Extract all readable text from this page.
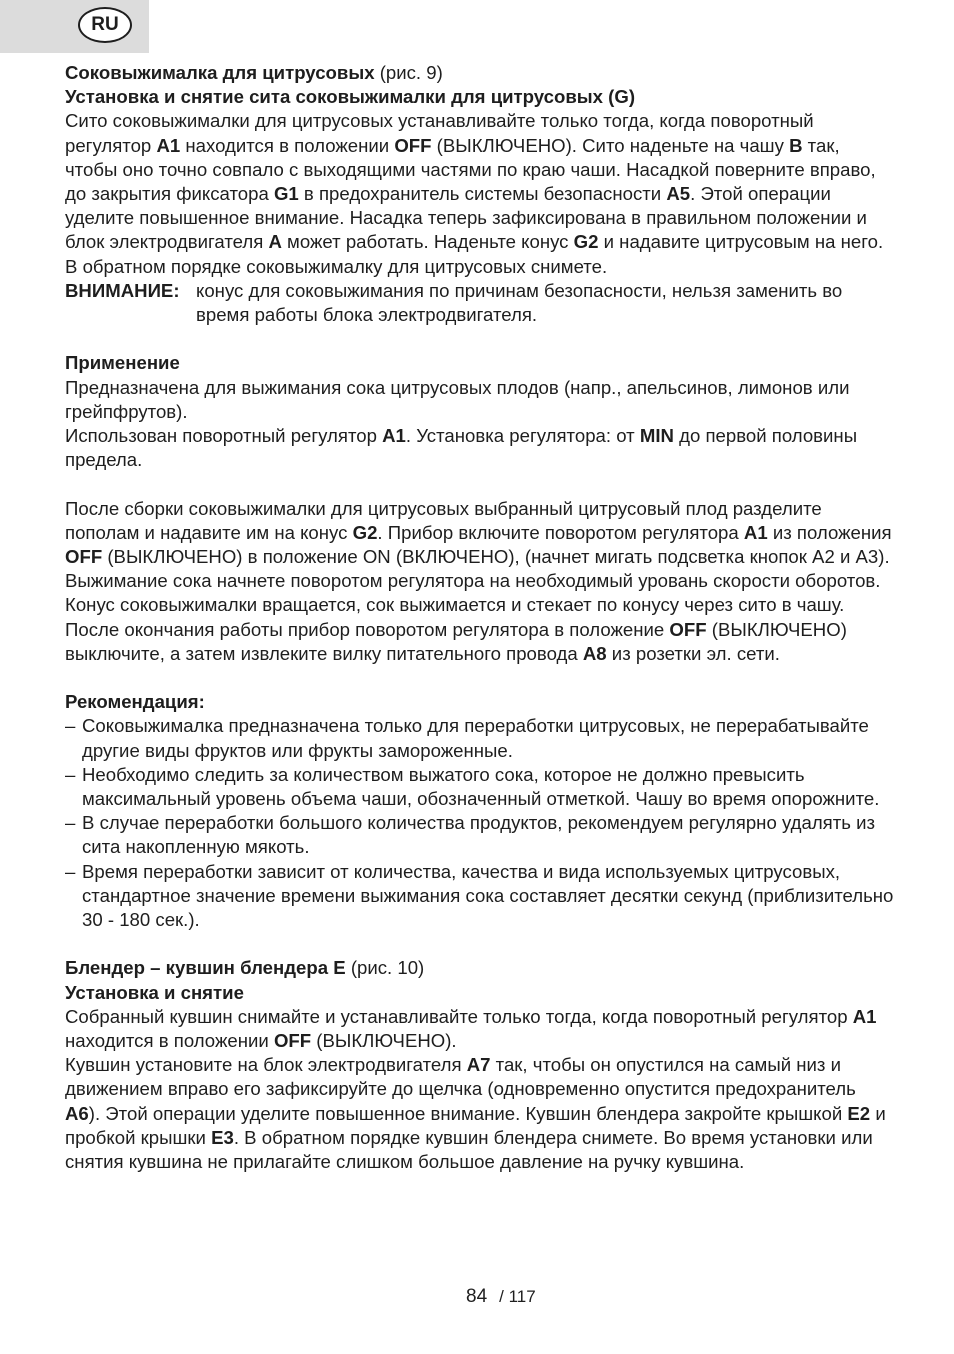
RU

Соковыжималка для цитрусовых (рис. 9)

Установка и снятие сита соковыжималки для цитрусовых (G)

Сито соковыжималки для цитрусовых устанавливайте только тогда, когда поворотный регулятор A1 находится в положении OFF (ВЫКЛЮЧЕНО). Сито наденьте на чашу B так, чтобы оно точно совпало с выходящими частями по краю чаши. Насадкой поверните вправо, до закрытия фиксатора G1 в предохранитель системы безопасности A5. Этой операции уделите повышенное внимание. Насадка теперь зафиксирована в правильном положении и блок электродвигателя A может работать. Наденьте конус G2 и надавите цитрусовым на него.

В обратном порядке соковыжималку для цитрусовых снимете.

ВНИМАНИЕ: конус для соковыжимания по причинам безопасности, нельзя заменить во время работы блока электродвигателя.

Применение

Предназначена для выжимания сока цитрусовых плодов (напр., апельсинов, лимонов или грейпфрутов).

Использован поворотный регулятор A1. Установка регулятора: от MIN до первой половины предела.

После сборки соковыжималки для цитрусовых выбранный цитрусовый плод разделите пополам и надавите им на конус G2. Прибор включите поворотом регулятора A1 из положения OFF (ВЫКЛЮЧЕНО) в положение ON (ВКЛЮЧЕНО), (начнет мигать подсветка кнопок A2 и A3). Выжимание сока начнете поворотом регулятора на необходимый уровань скорости оборотов. Конус соковыжималки вращается, сок выжимается и стекает по конусу через сито в чашу. После окончания работы прибор поворотом регулятора в положение OFF (ВЫКЛЮЧЕНО) выключите, а затем извлеките вилку питательного провода A8 из розетки эл. сети.

Рекомендация:

– Соковыжималка предназначена только для переработки цитрусовых, не перерабатывайте другие виды фруктов или фрукты замороженные.
– Необходимо следить за количеством выжатого сока, которое не должно превысить максимальный уровень объема чаши, обозначенный отметкой. Чашу во время опорожните.
– В случае переработки большого количества продуктов, рекомендуем регулярно удалять из сита накопленную мякоть.
– Время переработки зависит от количества, качества и вида используемых цитрусовых, стандартное значение времени выжимания сока составляет десятки секунд (приблизительно 30 - 180 сек.).

Блендер – кувшин блендера E (рис. 10)

Установка и снятие

Собранный кувшин снимайте и устанавливайте только тогда, когда поворотный регулятор A1 находится в положении OFF (ВЫКЛЮЧЕНО).

Кувшин установите на блок электродвигателя A7 так, чтобы он опустился на самый низ и движением вправо его зафиксируйте до щелчка (одновременно опустится предохранитель A6). Этой операции уделите повышенное внимание. Кувшин блендера закройте крышкой E2 и пробкой крышки E3. В обратном порядке кувшин блендера снимете. Во время установки или снятия кувшина не прилагайте слишком большое давление на ручку кувшина.

84 / 117
